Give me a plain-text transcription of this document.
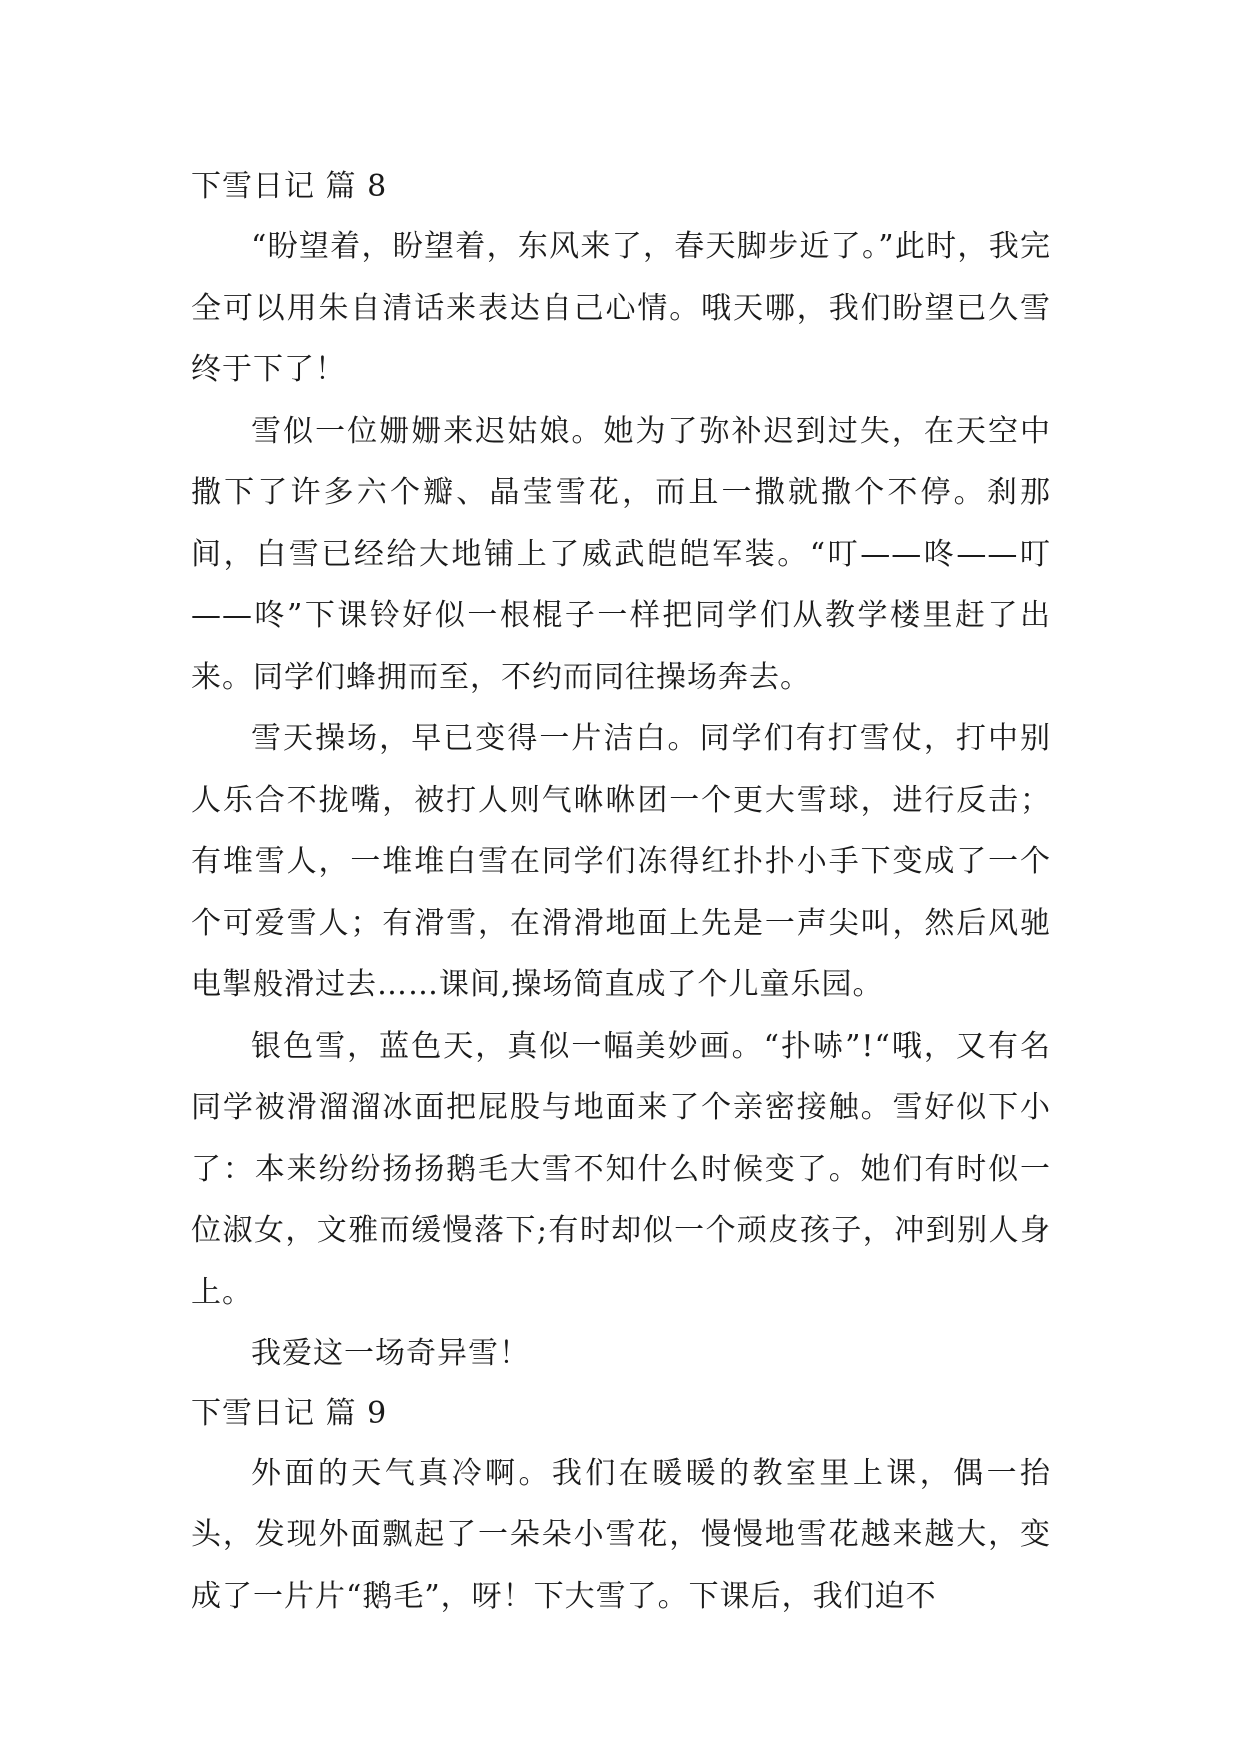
下雪日记 篇 8

“盼望着，盼望着，东风来了，春天脚步近了。”此时，我完全可以用朱自清话来表达自己心情。哦天哪，我们盼望已久雪终于下了！

雪似一位姗姗来迟姑娘。她为了弥补迟到过失，在天空中撒下了许多六个瓣、晶莹雪花，而且一撒就撒个不停。刹那间，白雪已经给大地铺上了威武皑皑军装。“叮——咚——叮——咚”下课铃好似一根棍子一样把同学们从教学楼里赶了出来。同学们蜂拥而至，不约而同往操场奔去。

雪天操场，早已变得一片洁白。同学们有打雪仗，打中别人乐合不拢嘴，被打人则气咻咻团一个更大雪球，进行反击；有堆雪人，一堆堆白雪在同学们冻得红扑扑小手下变成了一个个可爱雪人；有滑雪，在滑滑地面上先是一声尖叫，然后风驰电掣般滑过去……课间,操场简直成了个儿童乐园。

银色雪，蓝色天，真似一幅美妙画。“扑哧”!“哦，又有名同学被滑溜溜冰面把屁股与地面来了个亲密接触。雪好似下小了：本来纷纷扬扬鹅毛大雪不知什么时候变了。她们有时似一位淑女，文雅而缓慢落下;有时却似一个顽皮孩子，冲到别人身上。

我爱这一场奇异雪！

下雪日记 篇 9

外面的天气真冷啊。我们在暖暖的教室里上课，偶一抬头，发现外面飘起了一朵朵小雪花，慢慢地雪花越来越大，变成了一片片“鹅毛”，呀！下大雪了。下课后，我们迫不
